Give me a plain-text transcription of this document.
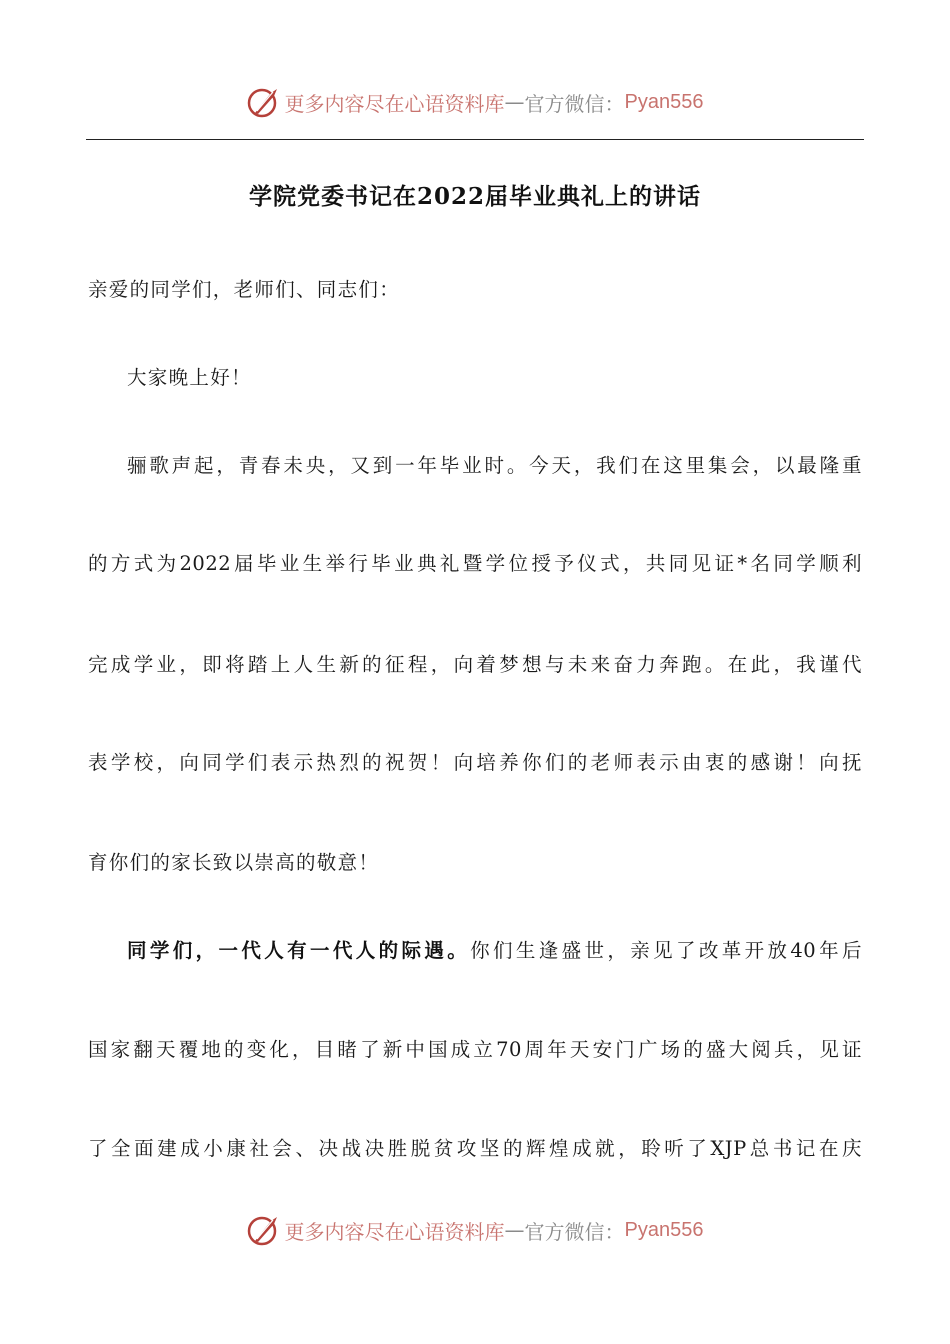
更多内容尽在心语资料库 — 官方微信： Pyan556
学院党委书记在2022届毕业典礼上的讲话
亲爱的同学们，老师们、同志们：
大家晚上好！
骊歌声起，青春未央，又到一年毕业时。今天，我们在这里集会，以最隆重
的方式为2022届毕业生举行毕业典礼暨学位授予仪式，共同见证*名同学顺利
完成学业，即将踏上人生新的征程，向着梦想与未来奋力奔跑。在此，我谨代
表学校，向同学们表示热烈的祝贺！向培养你们的老师表示由衷的感谢！向抚
育你们的家长致以崇高的敬意！
同学们，一代人有一代人的际遇。你们生逢盛世，亲见了改革开放40年后
国家翻天覆地的变化，目睹了新中国成立70周年天安门广场的盛大阅兵，见证
了全面建成小康社会、决战决胜脱贫攻坚的辉煌成就，聆听了XJP总书记在庆
更多内容尽在心语资料库 — 官方微信： Pyan556
